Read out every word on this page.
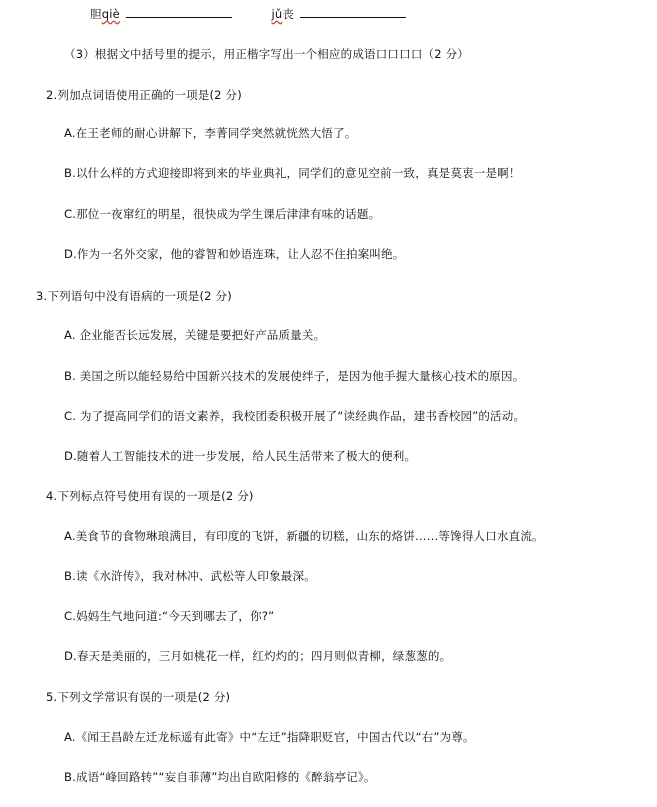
胆qiè	jǔ丧
（3）根据文中括号里的提示，用正楷字写出一个相应的成语口口口口（2 分）
2.列加点词语使用正确的一项是(2 分)
A.在王老师的耐心讲解下，李菁同学突然就恍然大悟了。
B.以什么样的方式迎接即将到来的毕业典礼，同学们的意见空前一致，真是莫衷一是啊！
C.那位一夜窜红的明星，很快成为学生课后津津有味的话题。
D.作为一名外交家，他的睿智和妙语连珠，让人忍不住拍案叫绝。
3.下列语句中没有语病的一项是(2 分)
A. 企业能否长远发展，关键是要把好产品质量关。
B. 美国之所以能轻易给中国新兴技术的发展使绊子，是因为他手握大量核心技术的原因。
C. 为了提高同学们的语文素养，我校团委积极开展了“读经典作品，建书香校园”的活动。
D.随着人工智能技术的进一步发展，给人民生活带来了极大的便利。
4.下列标点符号使用有误的一项是(2 分)
A.美食节的食物琳琅满目，有印度的飞饼，新疆的切糕，山东的烙饼……等馋得人口水直流。
B.读《水浒传》，我对林冲、武松等人印象最深。
C.妈妈生气地问道:“今天到哪去了，你?”
D.春天是美丽的，三月如桃花一样，红灼灼的；四月则似青柳，绿葱葱的。
5.下列文学常识有误的一项是(2 分)
A.《闻王昌龄左迁龙标遥有此寄》中“左迁”指降职贬官，中国古代以“右”为尊。
B.成语“峰回路转”“妄自菲薄”均出自欧阳修的《醉翁亭记》。
